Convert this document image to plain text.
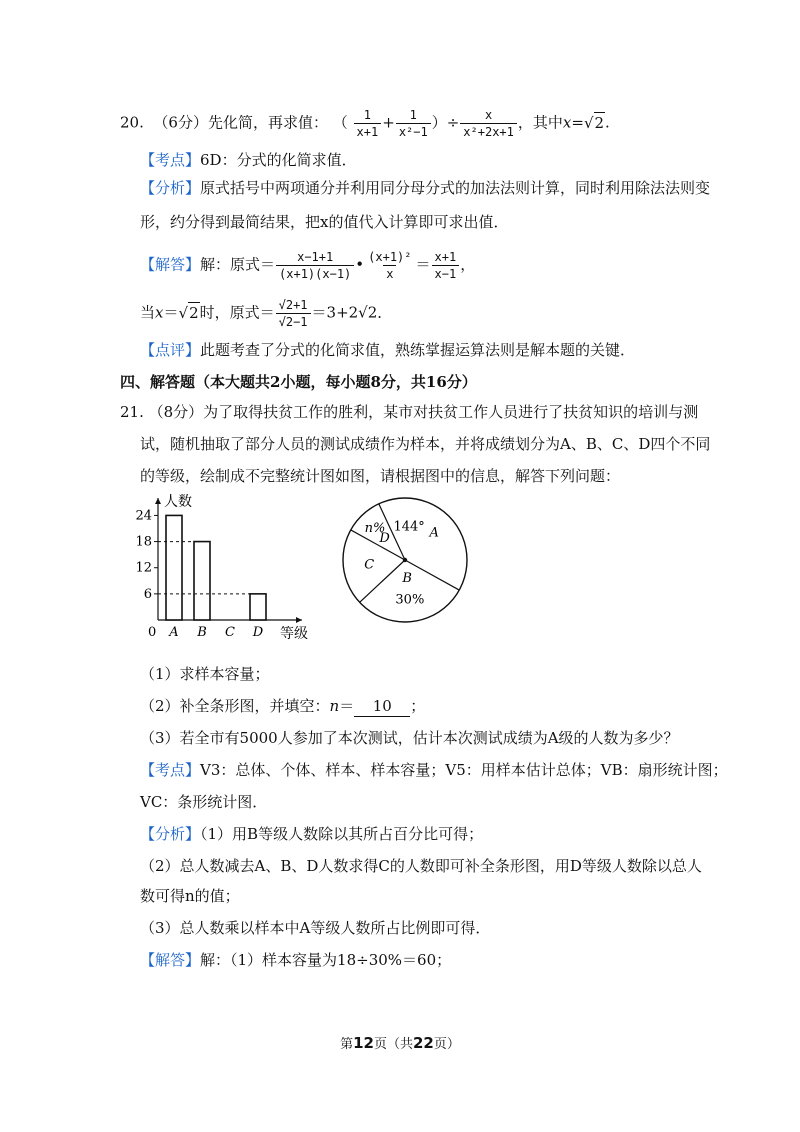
20. （6分）先化简，再求值： （ $\frac{1}{x+1} + \frac{1}{\text{x²−1}}$ ）÷ $\frac{x}{\text{x²+2x+1}}$ ，其中x=√2.
【考点】6D：分式的化简求值．
【分析】原式括号中两项通分并利用同分母分式的加法法则计算，同时利用除法法则变
形，约分得到最简结果，把x的值代入计算即可求出值．
【解答】解：原式＝ $\frac{x-1+1}{(x+1)(x-1)}$ • $\frac{\text{(x+1)²}}{x} = \frac{x+1}{x-1}$ ，
当x＝√2时，原式＝ $\frac{√2+1}{√2-1} =3+2√2$．
【点评】此题考查了分式的化简求值，熟练掌握运算法则是解本题的关键．
四、解答题（本大题共2小题，每小题8分，共16分）
21. （8分）为了取得扶贫工作的胜利，某市对扶贫工作人员进行了扶贫知识的培训与测
试，随机抽取了部分人员的测试成绩作为样本，并将成绩划分为A、B、C、D四个不同
的等级，绘制成不完整统计图如图，请根据图中的信息，解答下列问题：
人数
等级
0
6
12
18
24
A B C D
A
144°
B
30%
C
n%
D
（1）求样本容量；
（2）补全条形图，并填空：n＝ 10 ；
（3）若全市有5000人参加了本次测试，估计本次测试成绩为A级的人数为多少？
【考点】V3：总体、个体、样本、样本容量；V5：用样本估计总体；VB：扇形统计图；
VC：条形统计图．
【分析】（1）用B等级人数除以其所占百分比可得；
（2）总人数减去A、B、D人数求得C的人数即可补全条形图，用D等级人数除以总人
数可得n的值；
（3）总人数乘以样本中A等级人数所占比例即可得．
【解答】解：（1）样本容量为18÷30%＝60；
第12页（共22页）
